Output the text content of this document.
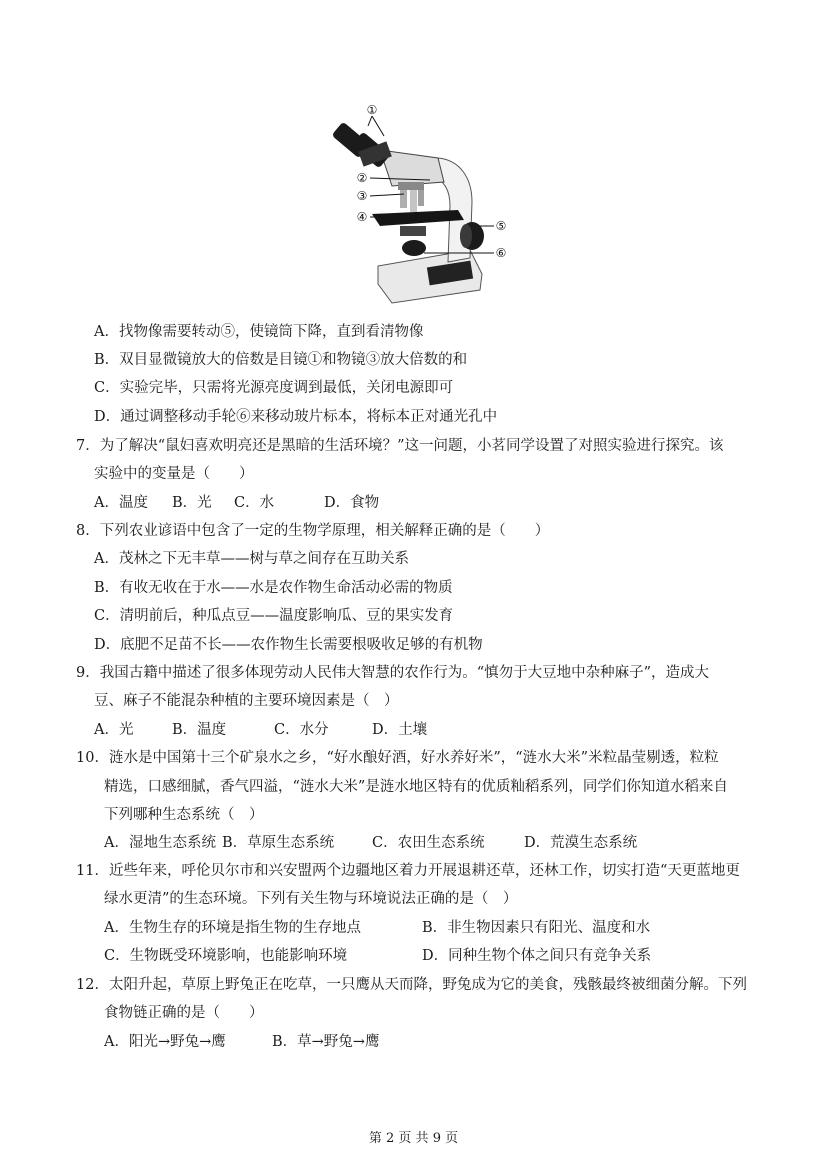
①
②
③
④
⑤
⑥
A．找物像需要转动⑤，使镜筒下降，直到看清物像
B．双目显微镜放大的倍数是目镜①和物镜③放大倍数的和
C．实验完毕，只需将光源亮度调到最低，关闭电源即可
D．通过调整移动手轮⑥来移动玻片标本，将标本正对通光孔中
7．为了解决“鼠妇喜欢明亮还是黑暗的生活环境？”这一问题，小茗同学设置了对照实验进行探究。该
实验中的变量是（　　）
A．温度 B．光 C．水	D．食物
8．下列农业谚语中包含了一定的生物学原理，相关解释正确的是（　　）
A．茂林之下无丰草——树与草之间存在互助关系
B．有收无收在于水——水是农作物生命活动必需的物质
C．清明前后，种瓜点豆——温度影响瓜、豆的果实发育
D．底肥不足苗不长——农作物生长需要根吸收足够的有机物
9．我国古籍中描述了很多体现劳动人民伟大智慧的农作行为。“慎勿于大豆地中杂种麻子”，造成大
豆、麻子不能混杂种植的主要环境因素是（　）
A．光	B．温度	C．水分	D．土壤
10．涟水是中国第十三个矿泉水之乡，“好水酿好酒，好水养好米”，“涟水大米”米粒晶莹剔透，粒粒
精选，口感细腻，香气四溢，“涟水大米”是涟水地区特有的优质籼稻系列，同学们你知道水稻来自
下列哪种生态系统（　）
A．湿地生态系统 B．草原生态系统	C．农田生态系统	D．荒漠生态系统
11．近些年来，呼伦贝尔市和兴安盟两个边疆地区着力开展退耕还草，还林工作，切实打造“天更蓝地更
绿水更清”的生态环境。下列有关生物与环境说法正确的是（　）
A．生物生存的环境是指生物的生存地点	B．非生物因素只有阳光、温度和水
C．生物既受环境影响，也能影响环境	D．同种生物个体之间只有竞争关系
12．太阳升起，草原上野兔正在吃草，一只鹰从天而降，野兔成为它的美食，残骸最终被细菌分解。下列
食物链正确的是（　　）
A．阳光→野兔→鹰	B．草→野兔→鹰
第 2 页 共 9 页
